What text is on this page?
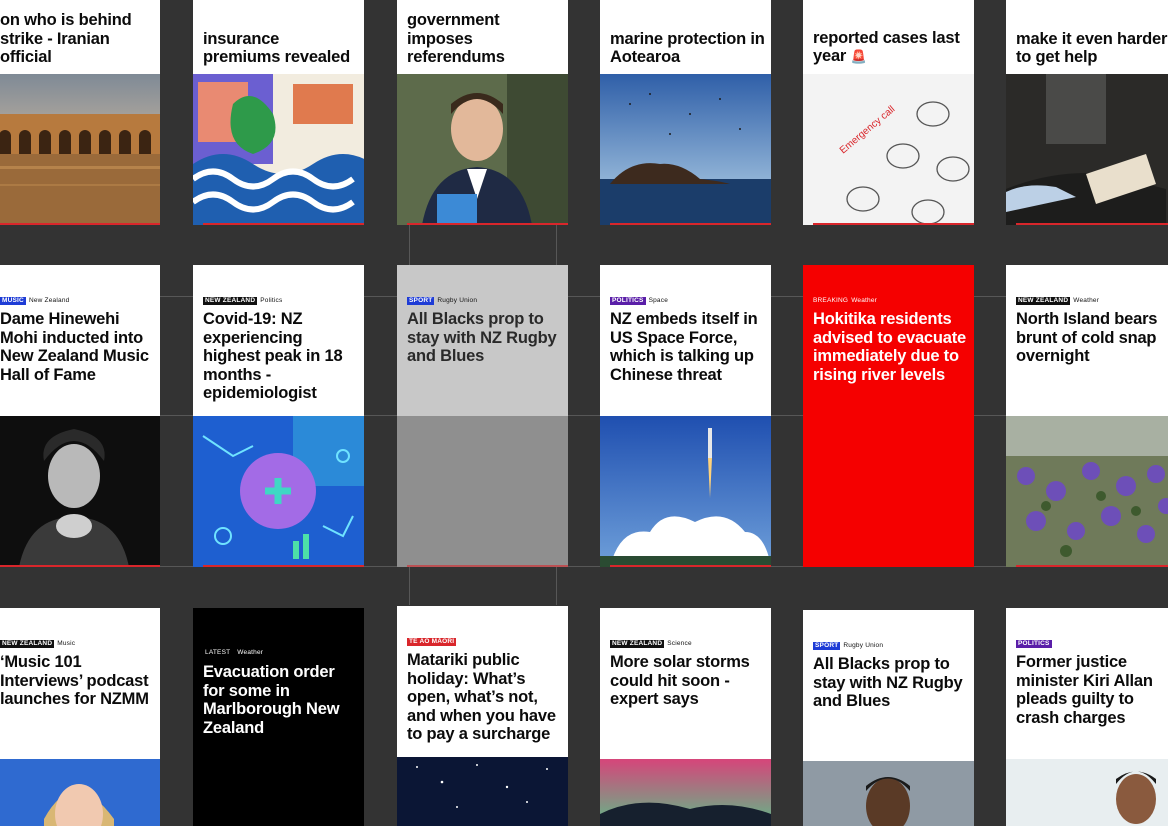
on who is behind strike - Iranian official
insurance premiums revealed
government imposes referendums
marine protection in Aotearoa
reported cases last year 🚨
Emergency call
make it even harder to get help
MUSIC New Zealand
Dame Hinewehi Mohi inducted into New Zealand Music Hall of Fame
NEW ZEALAND Politics
Covid-19: NZ experiencing highest peak in 18 months - epidemiologist
SPORT Rugby Union
All Blacks prop to stay with NZ Rugby and Blues
POLITICS Space
NZ embeds itself in US Space Force, which is talking up Chinese threat
BREAKING Weather
Hokitika residents advised to evacuate immediately due to rising river levels
NEW ZEALAND Weather
North Island bears brunt of cold snap overnight
NEW ZEALAND Music
‘Music 101 Interviews’ podcast launches for NZMM
LATEST Weather
Evacuation order for some in Marlborough New Zealand
TE AO MĀORI
Matariki public holiday: What’s open, what’s not, and when you have to pay a surcharge
NEW ZEALAND Science
More solar storms could hit soon - expert says
SPORT Rugby Union
All Blacks prop to stay with NZ Rugby and Blues
POLITICS
Former justice minister Kiri Allan pleads guilty to crash charges
